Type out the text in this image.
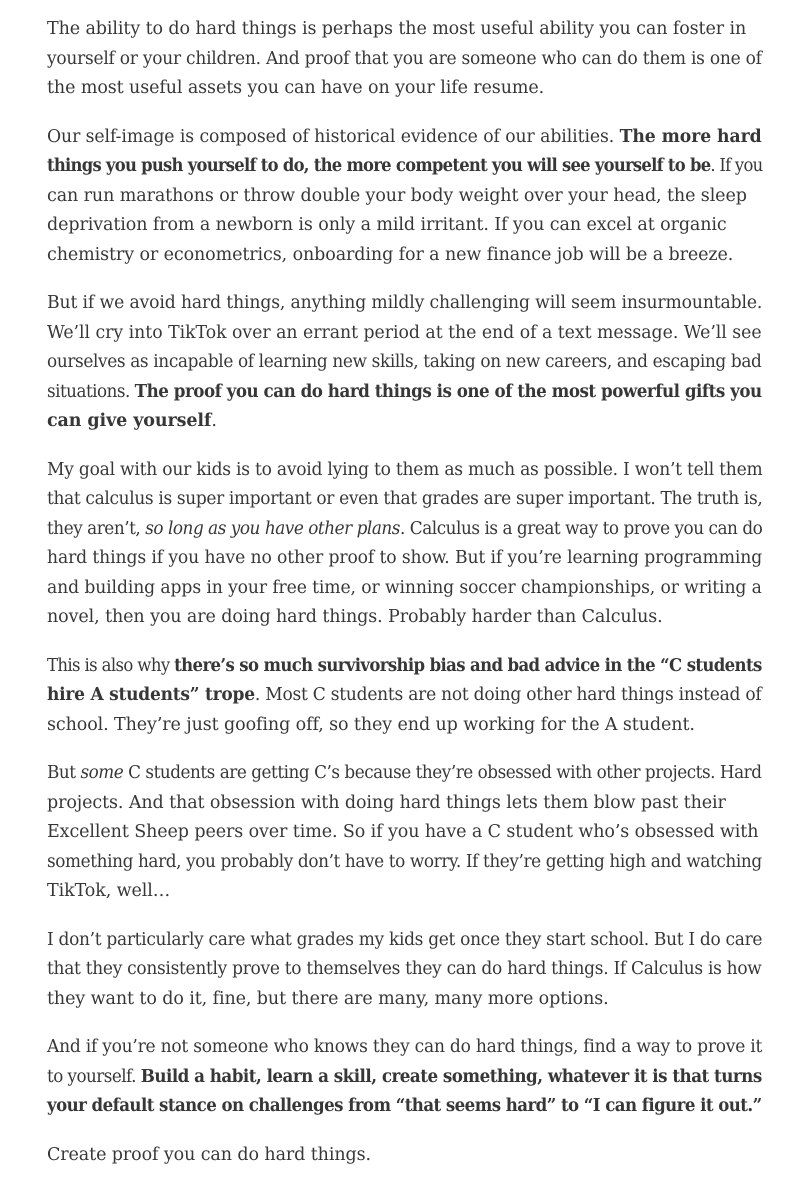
The ability to do hard things is perhaps the most useful ability you can foster in
yourself or your children. And proof that you are someone who can do them is one of
the most useful assets you can have on your life resume.

Our self-image is composed of historical evidence of our abilities. The more hard
things you push yourself to do, the more competent you will see yourself to be. If you
can run marathons or throw double your body weight over your head, the sleep
deprivation from a newborn is only a mild irritant. If you can excel at organic
chemistry or econometrics, onboarding for a new finance job will be a breeze.

But if we avoid hard things, anything mildly challenging will seem insurmountable.
We’ll cry into TikTok over an errant period at the end of a text message. We’ll see
ourselves as incapable of learning new skills, taking on new careers, and escaping bad
situations. The proof you can do hard things is one of the most powerful gifts you
can give yourself.

My goal with our kids is to avoid lying to them as much as possible. I won’t tell them
that calculus is super important or even that grades are super important. The truth is,
they aren’t, so long as you have other plans. Calculus is a great way to prove you can do
hard things if you have no other proof to show. But if you’re learning programming
and building apps in your free time, or winning soccer championships, or writing a
novel, then you are doing hard things. Probably harder than Calculus.

This is also why there’s so much survivorship bias and bad advice in the “C students
hire A students” trope. Most C students are not doing other hard things instead of
school. They’re just goofing off, so they end up working for the A student.

But some C students are getting C’s because they’re obsessed with other projects. Hard
projects. And that obsession with doing hard things lets them blow past their
Excellent Sheep peers over time. So if you have a C student who’s obsessed with
something hard, you probably don’t have to worry. If they’re getting high and watching
TikTok, well…

I don’t particularly care what grades my kids get once they start school. But I do care
that they consistently prove to themselves they can do hard things. If Calculus is how
they want to do it, fine, but there are many, many more options.

And if you’re not someone who knows they can do hard things, find a way to prove it
to yourself. Build a habit, learn a skill, create something, whatever it is that turns
your default stance on challenges from “that seems hard” to “I can figure it out.”

Create proof you can do hard things.
